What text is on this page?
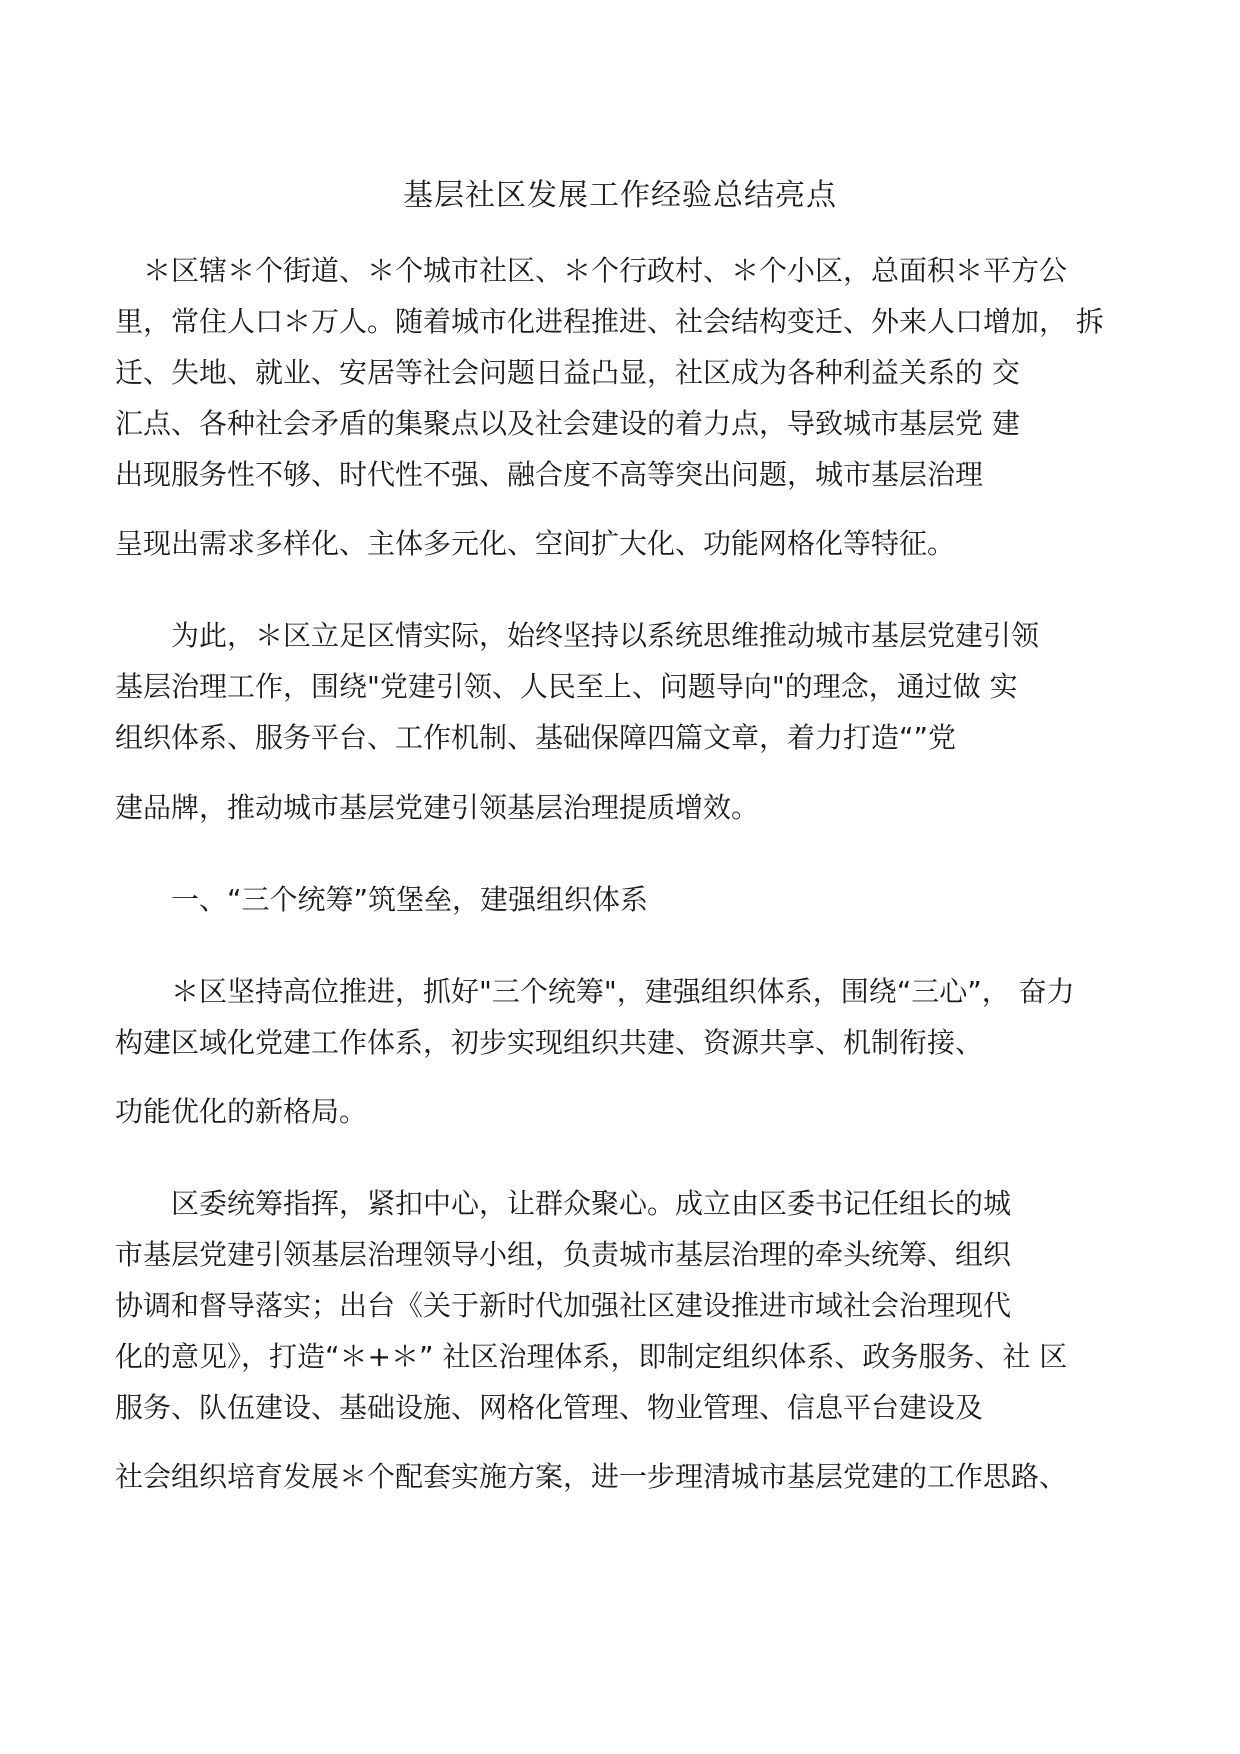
基层社区发展工作经验总结亮点
　＊区辖＊个街道、＊个城市社区、＊个行政村、＊个小区，总面积＊平方公
里，常住人口＊万人。随着城市化进程推进、社会结构变迁、外来人口增加， 拆
迁、失地、就业、安居等社会问题日益凸显，社区成为各种利益关系的 交
汇点、各种社会矛盾的集聚点以及社会建设的着力点，导致城市基层党 建
出现服务性不够、时代性不强、融合度不高等突出问题，城市基层治理
呈现出需求多样化、主体多元化、空间扩大化、功能网格化等特征。
　　为此，＊区立足区情实际，始终坚持以系统思维推动城市基层党建引领
基层治理工作，围绕"党建引领、人民至上、问题导向"的理念，通过做 实
组织体系、服务平台、工作机制、基础保障四篇文章，着力打造“”党
建品牌，推动城市基层党建引领基层治理提质增效。
　　一、“三个统筹”筑堡垒，建强组织体系
　　＊区坚持高位推进，抓好"三个统筹"，建强组织体系，围绕“三心”， 奋力
构建区域化党建工作体系，初步实现组织共建、资源共享、机制衔接、
功能优化的新格局。
　　区委统筹指挥，紧扣中心，让群众聚心。成立由区委书记任组长的城
市基层党建引领基层治理领导小组，负责城市基层治理的牵头统筹、组织
协调和督导落实；出台《关于新时代加强社区建设推进市域社会治理现代
化的意见》，打造“＊+＊” 社区治理体系，即制定组织体系、政务服务、社 区
服务、队伍建设、基础设施、网格化管理、物业管理、信息平台建设及
社会组织培育发展＊个配套实施方案，进一步理清城市基层党建的工作思路、
